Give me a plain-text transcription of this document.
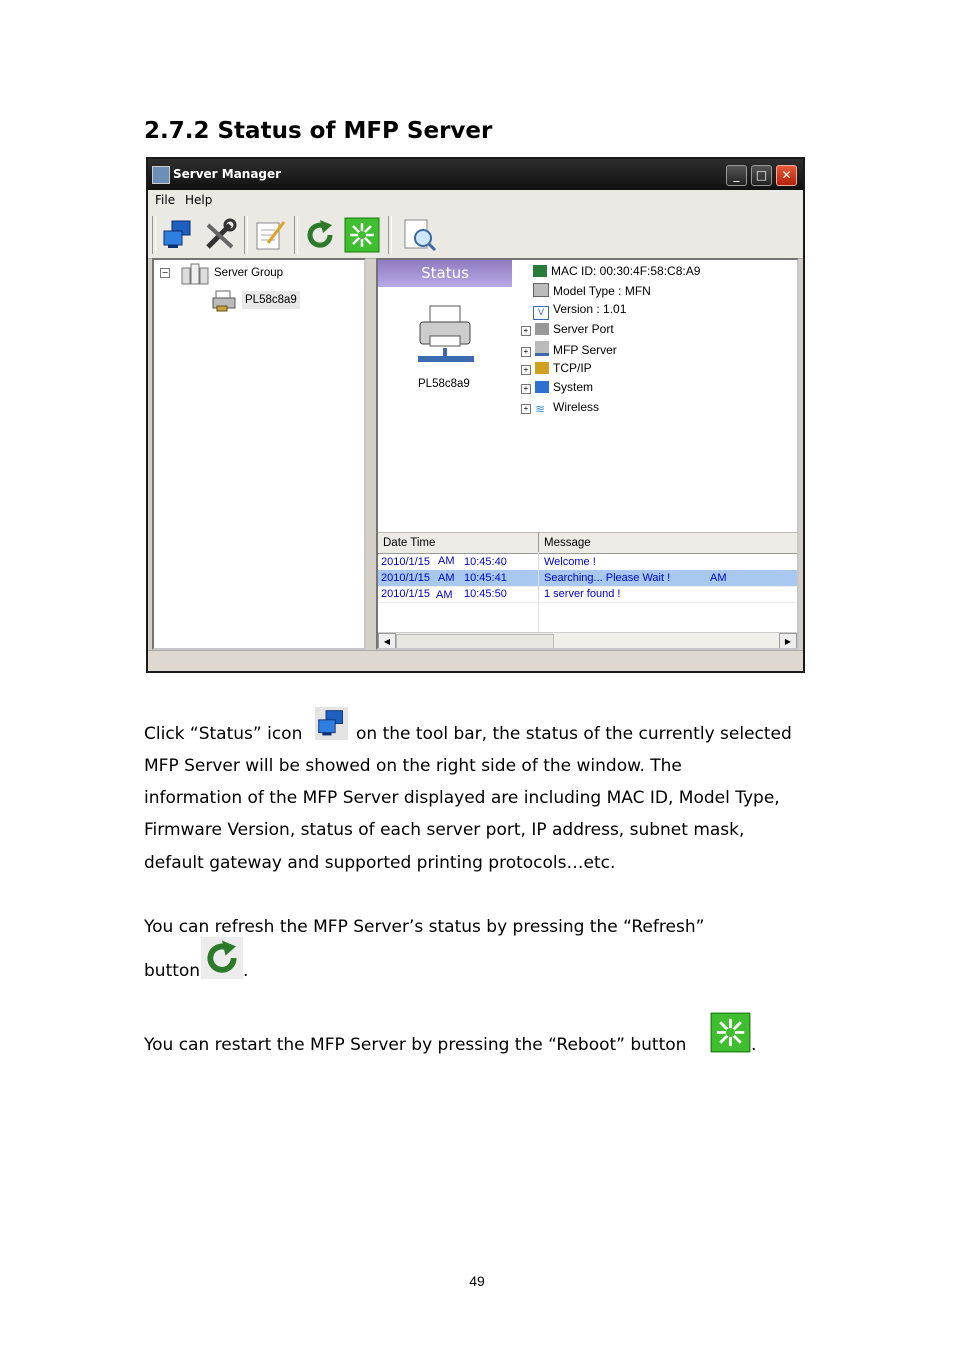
2.7.2 Status of MFP Server
Server Manager	_	□	✕
File Help
−	Server Group
PL58c8a9
Status
PL58c8a9
MAC ID: 00:30:4F:58:C8:A9
Model Type : MFN
V Version : 1.01
+ Server Port
+ MFP Server
+ TCP/IP
+ System
+ ≋ Wireless
Date Time	Message
2010/1/15 AM 10:45:40	Welcome !
2010/1/15 AM 10:45:41	Searching... Please Wait !	AM
2010/1/15 AM 10:45:50	1 server found !
◀	▶

Click “Status” icon	on the tool bar, the status of the currently selected

MFP Server will be showed on the right side of the window. The

information of the MFP Server displayed are including MAC ID, Model Type,

Firmware Version, status of each server port, IP address, subnet mask,

default gateway and supported printing protocols…etc.

You can refresh the MFP Server’s status by pressing the “Refresh”

button	.

You can restart the MFP Server by pressing the “Reboot” button	.

49
